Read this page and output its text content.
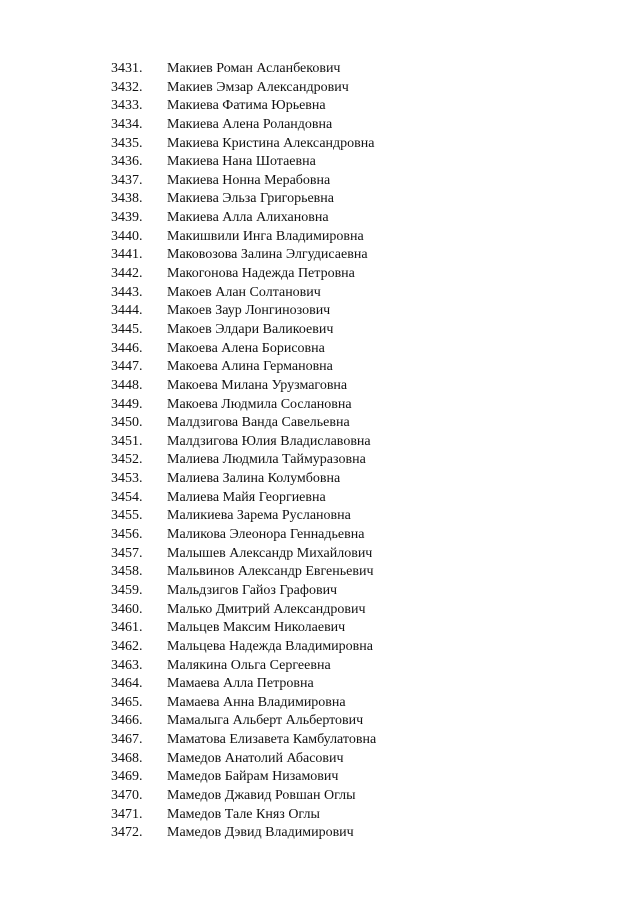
3431. Макиев Роман Асланбекович
3432. Макиев Эмзар Александрович
3433. Макиева Фатима Юрьевна
3434. Макиева Алена Роландовна
3435. Макиева Кристина Александровна
3436. Макиева Нана Шотаевна
3437. Макиева Нонна Мерабовна
3438. Макиева Эльза Григорьевна
3439. Макиева Алла Алихановна
3440. Макишвили Инга Владимировна
3441. Маковозова Залина Элгудисаевна
3442. Макогонова Надежда Петровна
3443. Макоев Алан Солтанович
3444. Макоев Заур Лонгинозович
3445. Макоев Элдари Валикоевич
3446. Макоева Алена Борисовна
3447. Макоева Алина Германовна
3448. Макоева Милана Урузмаговна
3449. Макоева Людмила Сослановна
3450. Малдзигова Ванда Савельевна
3451. Малдзигова Юлия Владиславовна
3452. Малиева Людмила Таймуразовна
3453. Малиева Залина Колумбовна
3454. Малиева Майя Георгиевна
3455. Маликиева Зарема Руслановна
3456. Маликова Элеонора Геннадьевна
3457. Малышев Александр Михайлович
3458. Мальвинов Александр Евгеньевич
3459. Мальдзигов Гайоз Графович
3460. Малько Дмитрий Александрович
3461. Мальцев Максим Николаевич
3462. Мальцева Надежда Владимировна
3463. Малякина Ольга Сергеевна
3464. Мамаева Алла Петровна
3465. Мамаева Анна Владимировна
3466. Мамалыга Альберт Альбертович
3467. Маматова Елизавета Камбулатовна
3468. Мамедов Анатолий Абасович
3469. Мамедов Байрам Низамович
3470. Мамедов Джавид Ровшан Оглы
3471. Мамедов Тале Княз Оглы
3472. Мамедов Дэвид Владимирович
